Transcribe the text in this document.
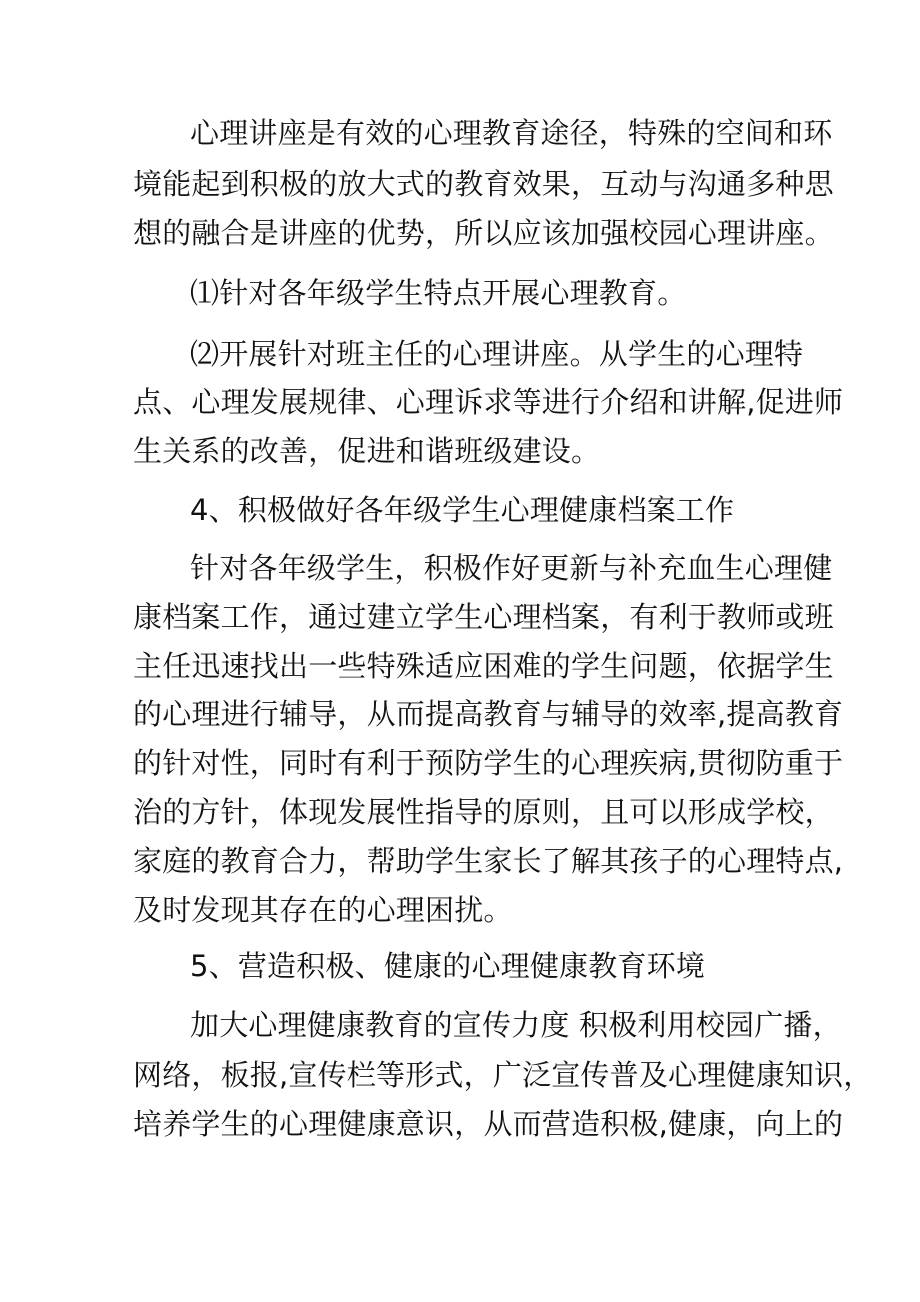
心理讲座是有效的心理教育途径，特殊的空间和环
境能起到积极的放大式的教育效果，互动与沟通多种思
想的融合是讲座的优势，所以应该加强校园心理讲座。
⑴针对各年级学生特点开展心理教育。
⑵开展针对班主任的心理讲座。从学生的心理特
点、心理发展规律、心理诉求等进行介绍和讲解,促进师
生关系的改善，促进和谐班级建设。
4、积极做好各年级学生心理健康档案工作
针对各年级学生，积极作好更新与补充血生心理健
康档案工作，通过建立学生心理档案，有利于教师或班
主任迅速找出一些特殊适应困难的学生问题，依据学生
的心理进行辅导，从而提高教育与辅导的效率,提高教育
的针对性，同时有利于预防学生的心理疾病,贯彻防重于
治的方针，体现发展性指导的原则，且可以形成学校，
家庭的教育合力，帮助学生家长了解其孩子的心理特点,
及时发现其存在的心理困扰。
5、营造积极、健康的心理健康教育环境
加大心理健康教育的宣传力度 积极利用校园广播，
网络，板报,宣传栏等形式，广泛宣传普及心理健康知识，
培养学生的心理健康意识，从而营造积极,健康，向上的
